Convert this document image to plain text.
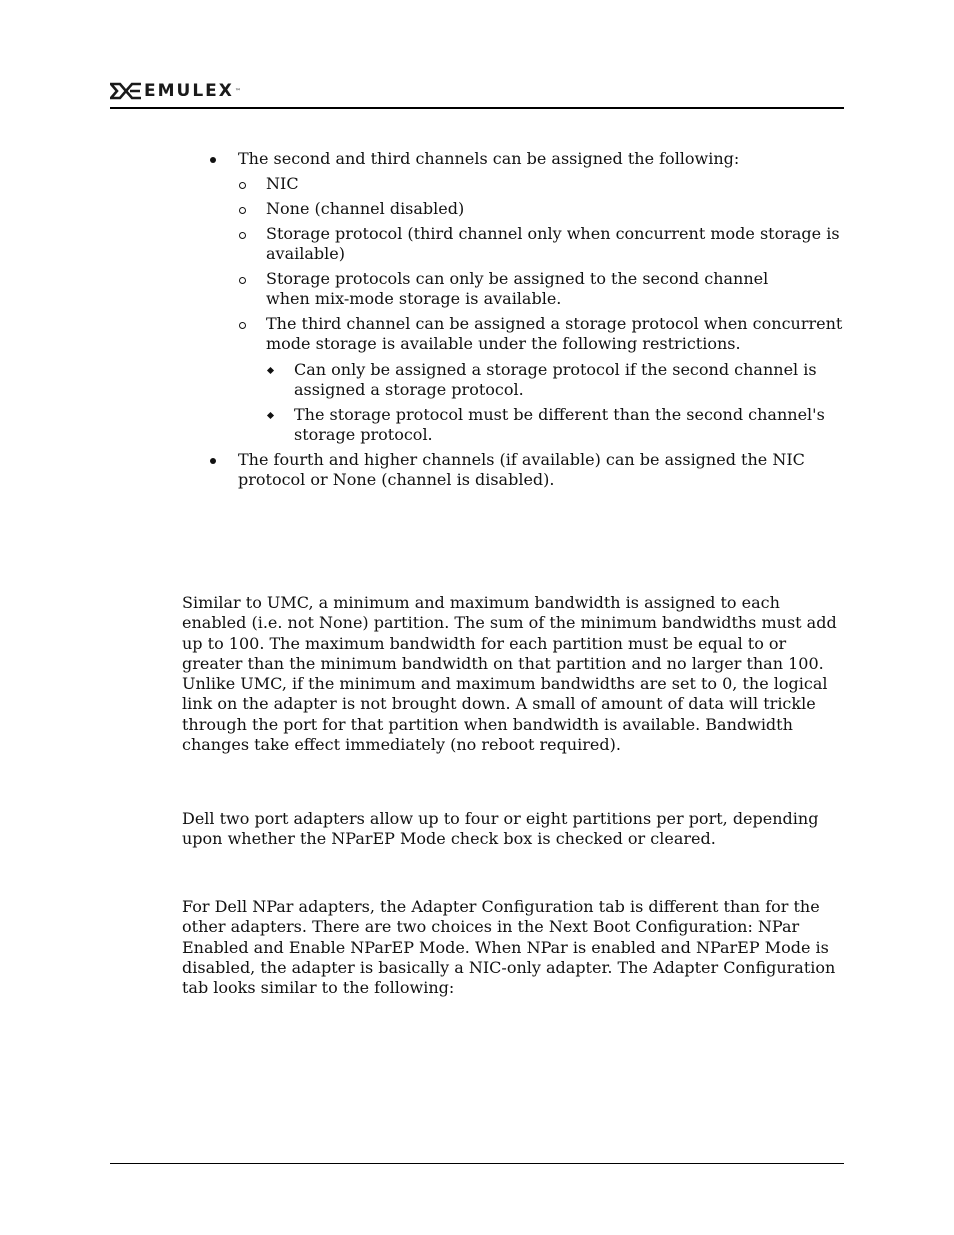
EMULEX ™
The second and third channels can be assigned the following:
NIC
None (channel disabled)
Storage protocol (third channel only when concurrent mode storage is available)
Storage protocols can only be assigned to the second channel when mix-mode storage is available.
The third channel can be assigned a storage protocol when concurrent mode storage is available under the following restrictions.
Can only be assigned a storage protocol if the second channel is assigned a storage protocol.
The storage protocol must be different than the second channel's storage protocol.
The fourth and higher channels (if available) can be assigned the NIC protocol or None (channel is disabled).
Similar to UMC, a minimum and maximum bandwidth is assigned to each enabled (i.e. not None) partition. The sum of the minimum bandwidths must add up to 100. The maximum bandwidth for each partition must be equal to or greater than the minimum bandwidth on that partition and no larger than 100. Unlike UMC, if the minimum and maximum bandwidths are set to 0, the logical link on the adapter is not brought down. A small of amount of data will trickle through the port for that partition when bandwidth is available. Bandwidth changes take effect immediately (no reboot required).
Dell two port adapters allow up to four or eight partitions per port, depending upon whether the NParEP Mode check box is checked or cleared.
For Dell NPar adapters, the Adapter Configuration tab is different than for the other adapters. There are two choices in the Next Boot Configuration: NPar Enabled and Enable NParEP Mode. When NPar is enabled and NParEP Mode is disabled, the adapter is basically a NIC-only adapter. The Adapter Configuration tab looks similar to the following:
